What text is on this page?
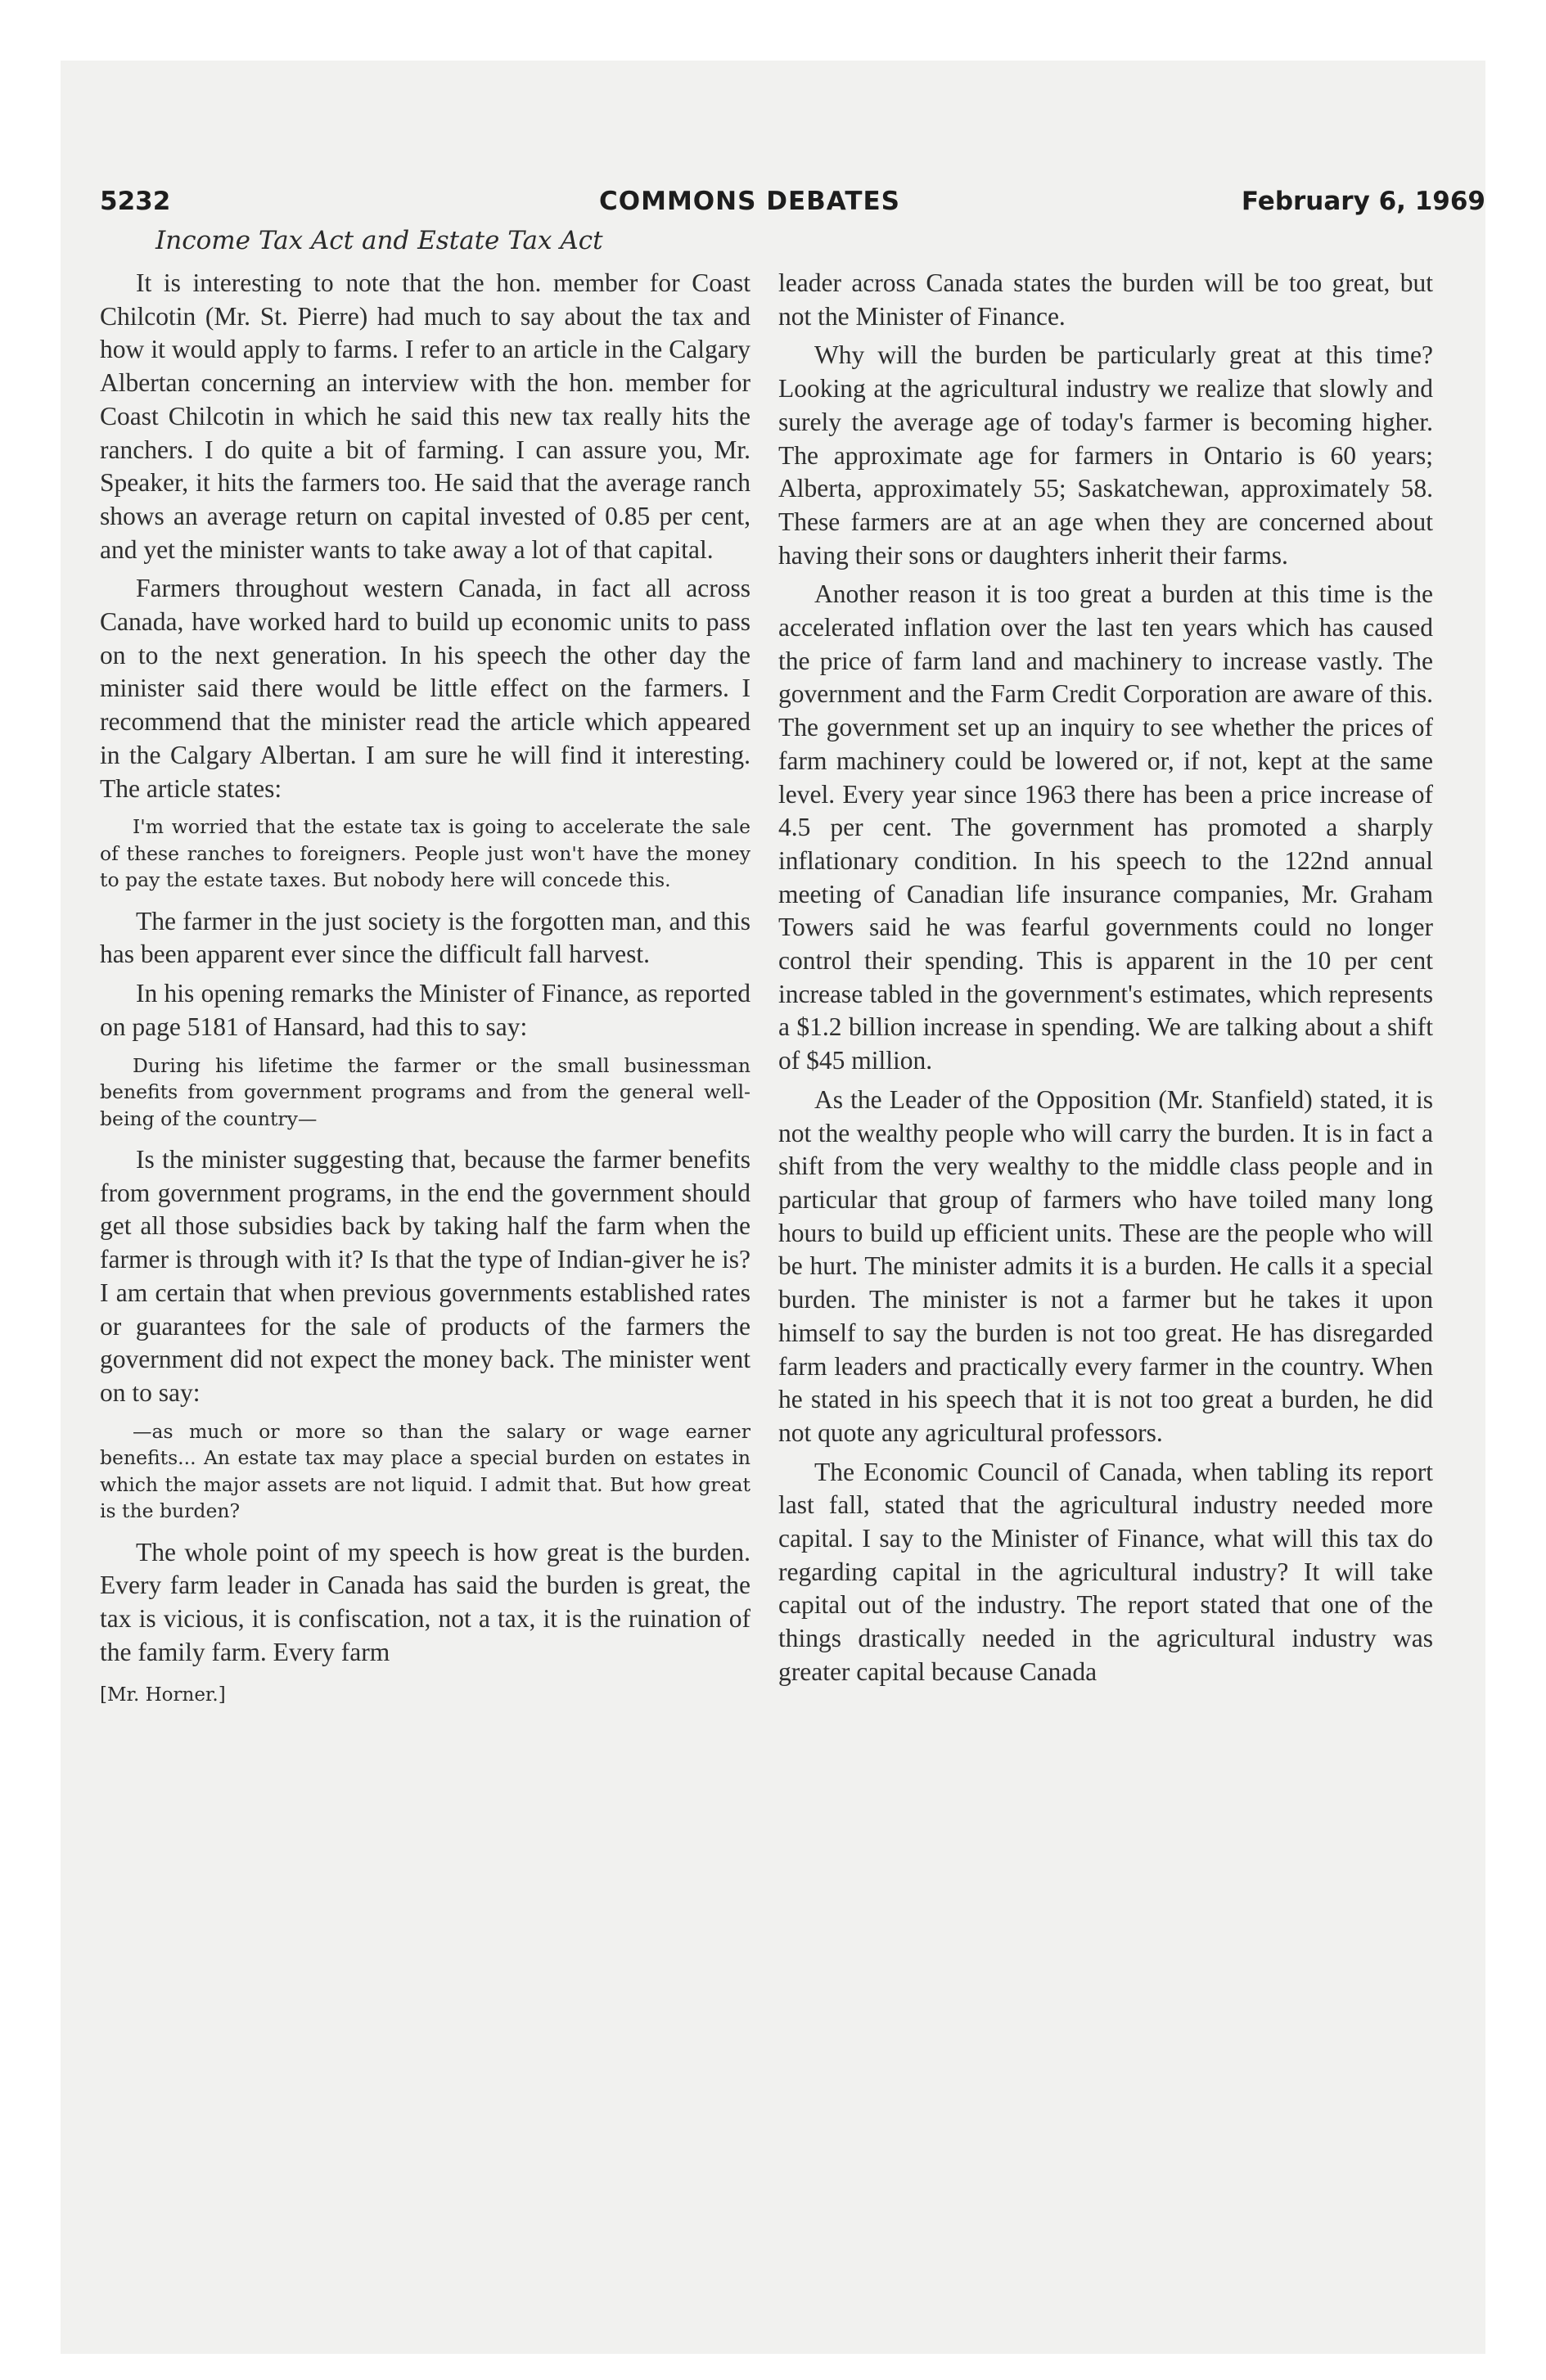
5232	COMMONS DEBATES	February 6, 1969
Income Tax Act and Estate Tax Act

It is interesting to note that the hon. member for Coast Chilcotin (Mr. St. Pierre) had much to say about the tax and how it would apply to farms. I refer to an article in the Calgary Albertan concerning an interview with the hon. member for Coast Chilcotin in which he said this new tax really hits the ranchers. I do quite a bit of farming. I can assure you, Mr. Speaker, it hits the farmers too. He said that the average ranch shows an average return on capital invested of 0.85 per cent, and yet the minister wants to take away a lot of that capital.

Farmers throughout western Canada, in fact all across Canada, have worked hard to build up economic units to pass on to the next generation. In his speech the other day the minister said there would be little effect on the farmers. I recommend that the minister read the article which appeared in the Calgary Albertan. I am sure he will find it interesting. The article states:

I'm worried that the estate tax is going to accelerate the sale of these ranches to foreigners. People just won't have the money to pay the estate taxes. But nobody here will concede this.

The farmer in the just society is the forgotten man, and this has been apparent ever since the difficult fall harvest.

In his opening remarks the Minister of Finance, as reported on page 5181 of Hansard, had this to say:

During his lifetime the farmer or the small businessman benefits from government programs and from the general well-being of the country—

Is the minister suggesting that, because the farmer benefits from government programs, in the end the government should get all those subsidies back by taking half the farm when the farmer is through with it? Is that the type of Indian-giver he is? I am certain that when previous governments established rates or guarantees for the sale of products of the farmers the government did not expect the money back. The minister went on to say:

—as much or more so than the salary or wage earner benefits... An estate tax may place a special burden on estates in which the major assets are not liquid. I admit that. But how great is the burden?

The whole point of my speech is how great is the burden. Every farm leader in Canada has said the burden is great, the tax is vicious, it is confiscation, not a tax, it is the ruination of the family farm. Every farm

[Mr. Horner.]

leader across Canada states the burden will be too great, but not the Minister of Finance.

Why will the burden be particularly great at this time? Looking at the agricultural industry we realize that slowly and surely the average age of today's farmer is becoming higher. The approximate age for farmers in Ontario is 60 years; Alberta, approximately 55; Saskatchewan, approximately 58. These farmers are at an age when they are concerned about having their sons or daughters inherit their farms.

Another reason it is too great a burden at this time is the accelerated inflation over the last ten years which has caused the price of farm land and machinery to increase vastly. The government and the Farm Credit Corporation are aware of this. The government set up an inquiry to see whether the prices of farm machinery could be lowered or, if not, kept at the same level. Every year since 1963 there has been a price increase of 4.5 per cent. The government has promoted a sharply inflationary condition. In his speech to the 122nd annual meeting of Canadian life insurance companies, Mr. Graham Towers said he was fearful governments could no longer control their spending. This is apparent in the 10 per cent increase tabled in the government's estimates, which represents a $1.2 billion increase in spending. We are talking about a shift of $45 million.

As the Leader of the Opposition (Mr. Stanfield) stated, it is not the wealthy people who will carry the burden. It is in fact a shift from the very wealthy to the middle class people and in particular that group of farmers who have toiled many long hours to build up efficient units. These are the people who will be hurt. The minister admits it is a burden. He calls it a special burden. The minister is not a farmer but he takes it upon himself to say the burden is not too great. He has disregarded farm leaders and practically every farmer in the country. When he stated in his speech that it is not too great a burden, he did not quote any agricultural professors.

The Economic Council of Canada, when tabling its report last fall, stated that the agricultural industry needed more capital. I say to the Minister of Finance, what will this tax do regarding capital in the agricultural industry? It will take capital out of the industry. The report stated that one of the things drastically needed in the agricultural industry was greater capital because Canada
